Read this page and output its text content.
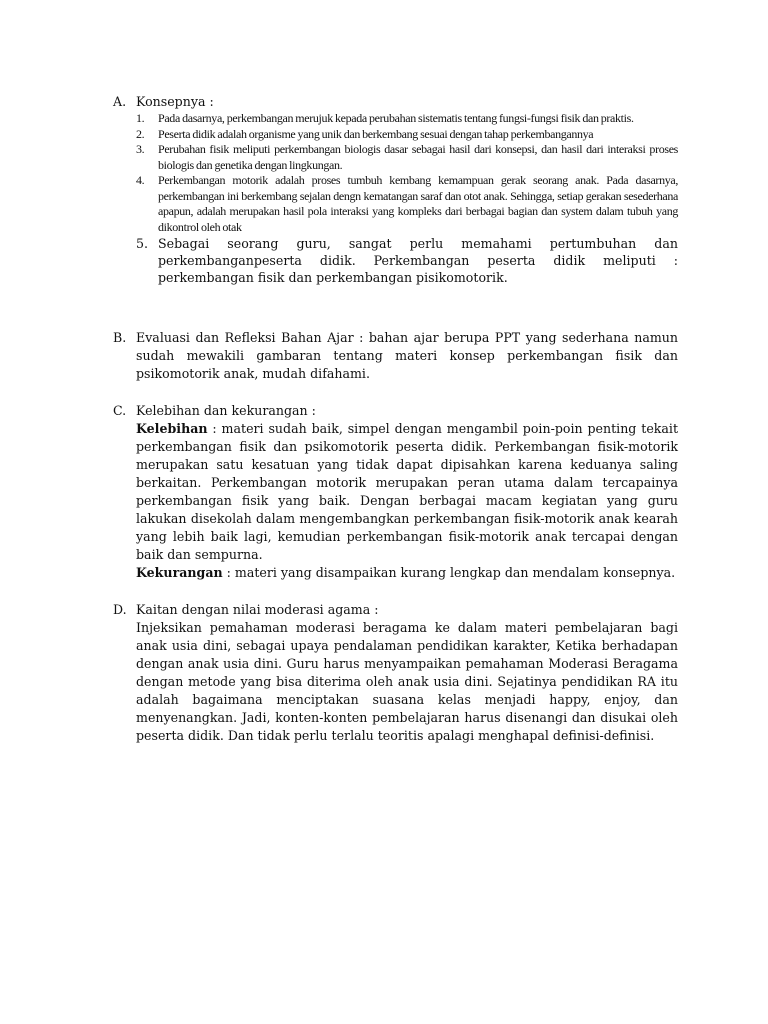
A. Konsepnya :
1. Pada dasarnya, perkembangan merujuk kepada perubahan sistematis tentang fungsi-fungsi fisik dan praktis.
2. Peserta didik adalah organisme yang unik dan berkembang sesuai dengan tahap perkembangannya
3. Perubahan fisik meliputi perkembangan biologis dasar sebagai hasil dari konsepsi, dan hasil dari interaksi proses biologis dan genetika dengan lingkungan.
4. Perkembangan motorik adalah proses tumbuh kembang kemampuan gerak seorang anak. Pada dasarnya, perkembangan ini berkembang sejalan dengn kematangan saraf dan otot anak. Sehingga, setiap gerakan sesederhana apapun, adalah merupakan hasil pola interaksi yang kompleks dari berbagai bagian dan system dalam tubuh yang dikontrol oleh otak
5. Sebagai seorang guru, sangat perlu memahami pertumbuhan dan perkembanganpeserta didik. Perkembangan peserta didik meliputi : perkembangan fisik dan perkembangan pisikomotorik.
B. Evaluasi dan Refleksi Bahan Ajar : bahan ajar berupa PPT yang sederhana namun sudah mewakili gambaran tentang materi konsep perkembangan fisik dan psikomotorik anak, mudah difahami.

C. Kelebihan dan kekurangan :

Kelebihan : materi sudah baik, simpel dengan mengambil poin-poin penting tekait perkembangan fisik dan psikomotorik peserta didik. Perkembangan fisik-motorik merupakan satu kesatuan yang tidak dapat dipisahkan karena keduanya saling berkaitan. Perkembangan motorik merupakan peran utama dalam tercapainya perkembangan fisik yang baik. Dengan berbagai macam kegiatan yang guru lakukan disekolah dalam mengembangkan perkembangan fisik-motorik anak kearah yang lebih baik lagi, kemudian perkembangan fisik-motorik anak tercapai dengan baik dan sempurna.

Kekurangan : materi yang disampaikan kurang lengkap dan mendalam konsepnya.

D. Kaitan dengan nilai moderasi agama :

Injeksikan pemahaman moderasi beragama ke dalam materi pembelajaran bagi anak usia dini, sebagai upaya pendalaman pendidikan karakter, Ketika berhadapan dengan anak usia dini. Guru harus menyampaikan pemahaman Moderasi Beragama dengan metode yang bisa diterima oleh anak usia dini. Sejatinya pendidikan RA itu adalah bagaimana menciptakan suasana kelas menjadi happy, enjoy, dan menyenangkan. Jadi, konten-konten pembelajaran harus disenangi dan disukai oleh peserta didik. Dan tidak perlu terlalu teoritis apalagi menghapal definisi-definisi.
